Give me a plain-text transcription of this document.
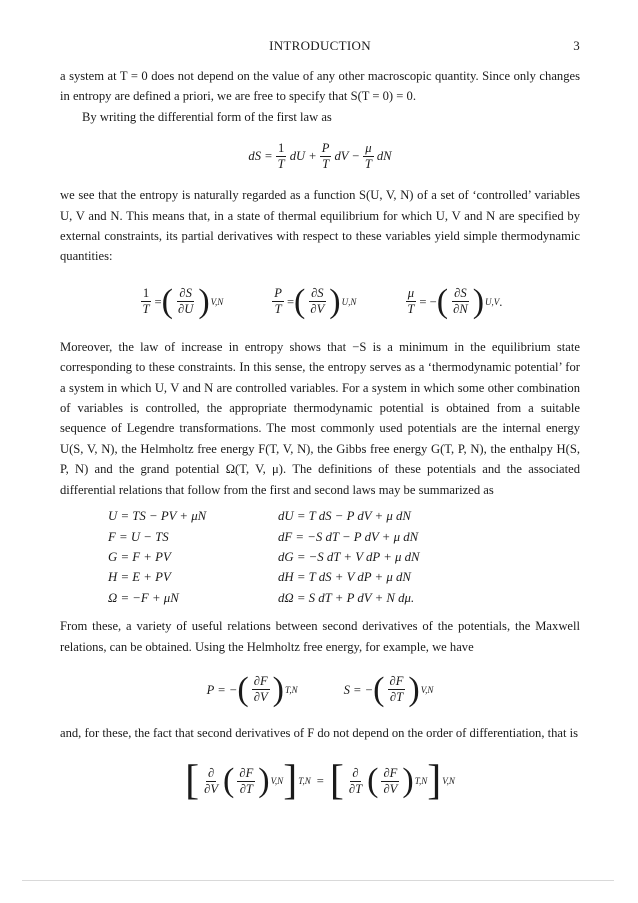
INTRODUCTION	3

a system at T = 0 does not depend on the value of any other macroscopic quantity. Since only changes in entropy are defined a priori, we are free to specify that S(T = 0) = 0.

By writing the differential form of the first law as

dS = $\frac{1}{T}$ dU + $\frac{P}{T}$ dV − $\frac{\mu}{T}$ dN

we see that the entropy is naturally regarded as a function S(U, V, N) of a set of ‘controlled’ variables U, V and N. This means that, in a state of thermal equilibrium for which U, V and N are specified by external constraints, its partial derivatives with respect to these variables yield simple thermodynamic quantities:

$\frac{1}{T}$ = ( $\frac{\partial S}{\partial U}$ ) V,N	$\frac{P}{T}$ = ( $\frac{\partial S}{\partial V}$ ) U,N	$\frac{\mu}{T}$ = − ( $\frac{\partial S}{\partial N}$ ) U,V .

Moreover, the law of increase in entropy shows that −S is a minimum in the equilibrium state corresponding to these constraints. In this sense, the entropy serves as a ‘thermodynamic potential’ for a system in which U, V and N are controlled variables. For a system in which some other combination of variables is controlled, the appropriate thermodynamic potential is obtained from a suitable sequence of Legendre transformations. The most commonly used potentials are the internal energy U(S, V, N), the Helmholtz free energy F(T, V, N), the Gibbs free energy G(T, P, N), the enthalpy H(S, P, N) and the grand potential Ω(T, V, μ). The definitions of these potentials and the associated differential relations that follow from the first and second laws may be summarized as

U = TS − PV + μN	dU = T dS − P dV + μ dN
F = U − TS	dF = −S dT − P dV + μ dN
G = F + PV	dG = −S dT + V dP + μ dN
H = E + PV	dH = T dS + V dP + μ dN
Ω = −F + μN	dΩ = S dT + P dV + N dμ.

From these, a variety of useful relations between second derivatives of the potentials, the Maxwell relations, can be obtained. Using the Helmholtz free energy, for example, we have

P = − ( $\frac{\partial F}{\partial V}$ ) T,N	S = − ( $\frac{\partial F}{\partial T}$ ) V,N

and, for these, the fact that second derivatives of F do not depend on the order of differentiation, that is

[ $\frac{\partial}{\partial V}$ ( $\frac{\partial F}{\partial T}$ ) V,N ] T,N = [ $\frac{\partial}{\partial T}$ ( $\frac{\partial F}{\partial V}$ ) T,N ] V,N
